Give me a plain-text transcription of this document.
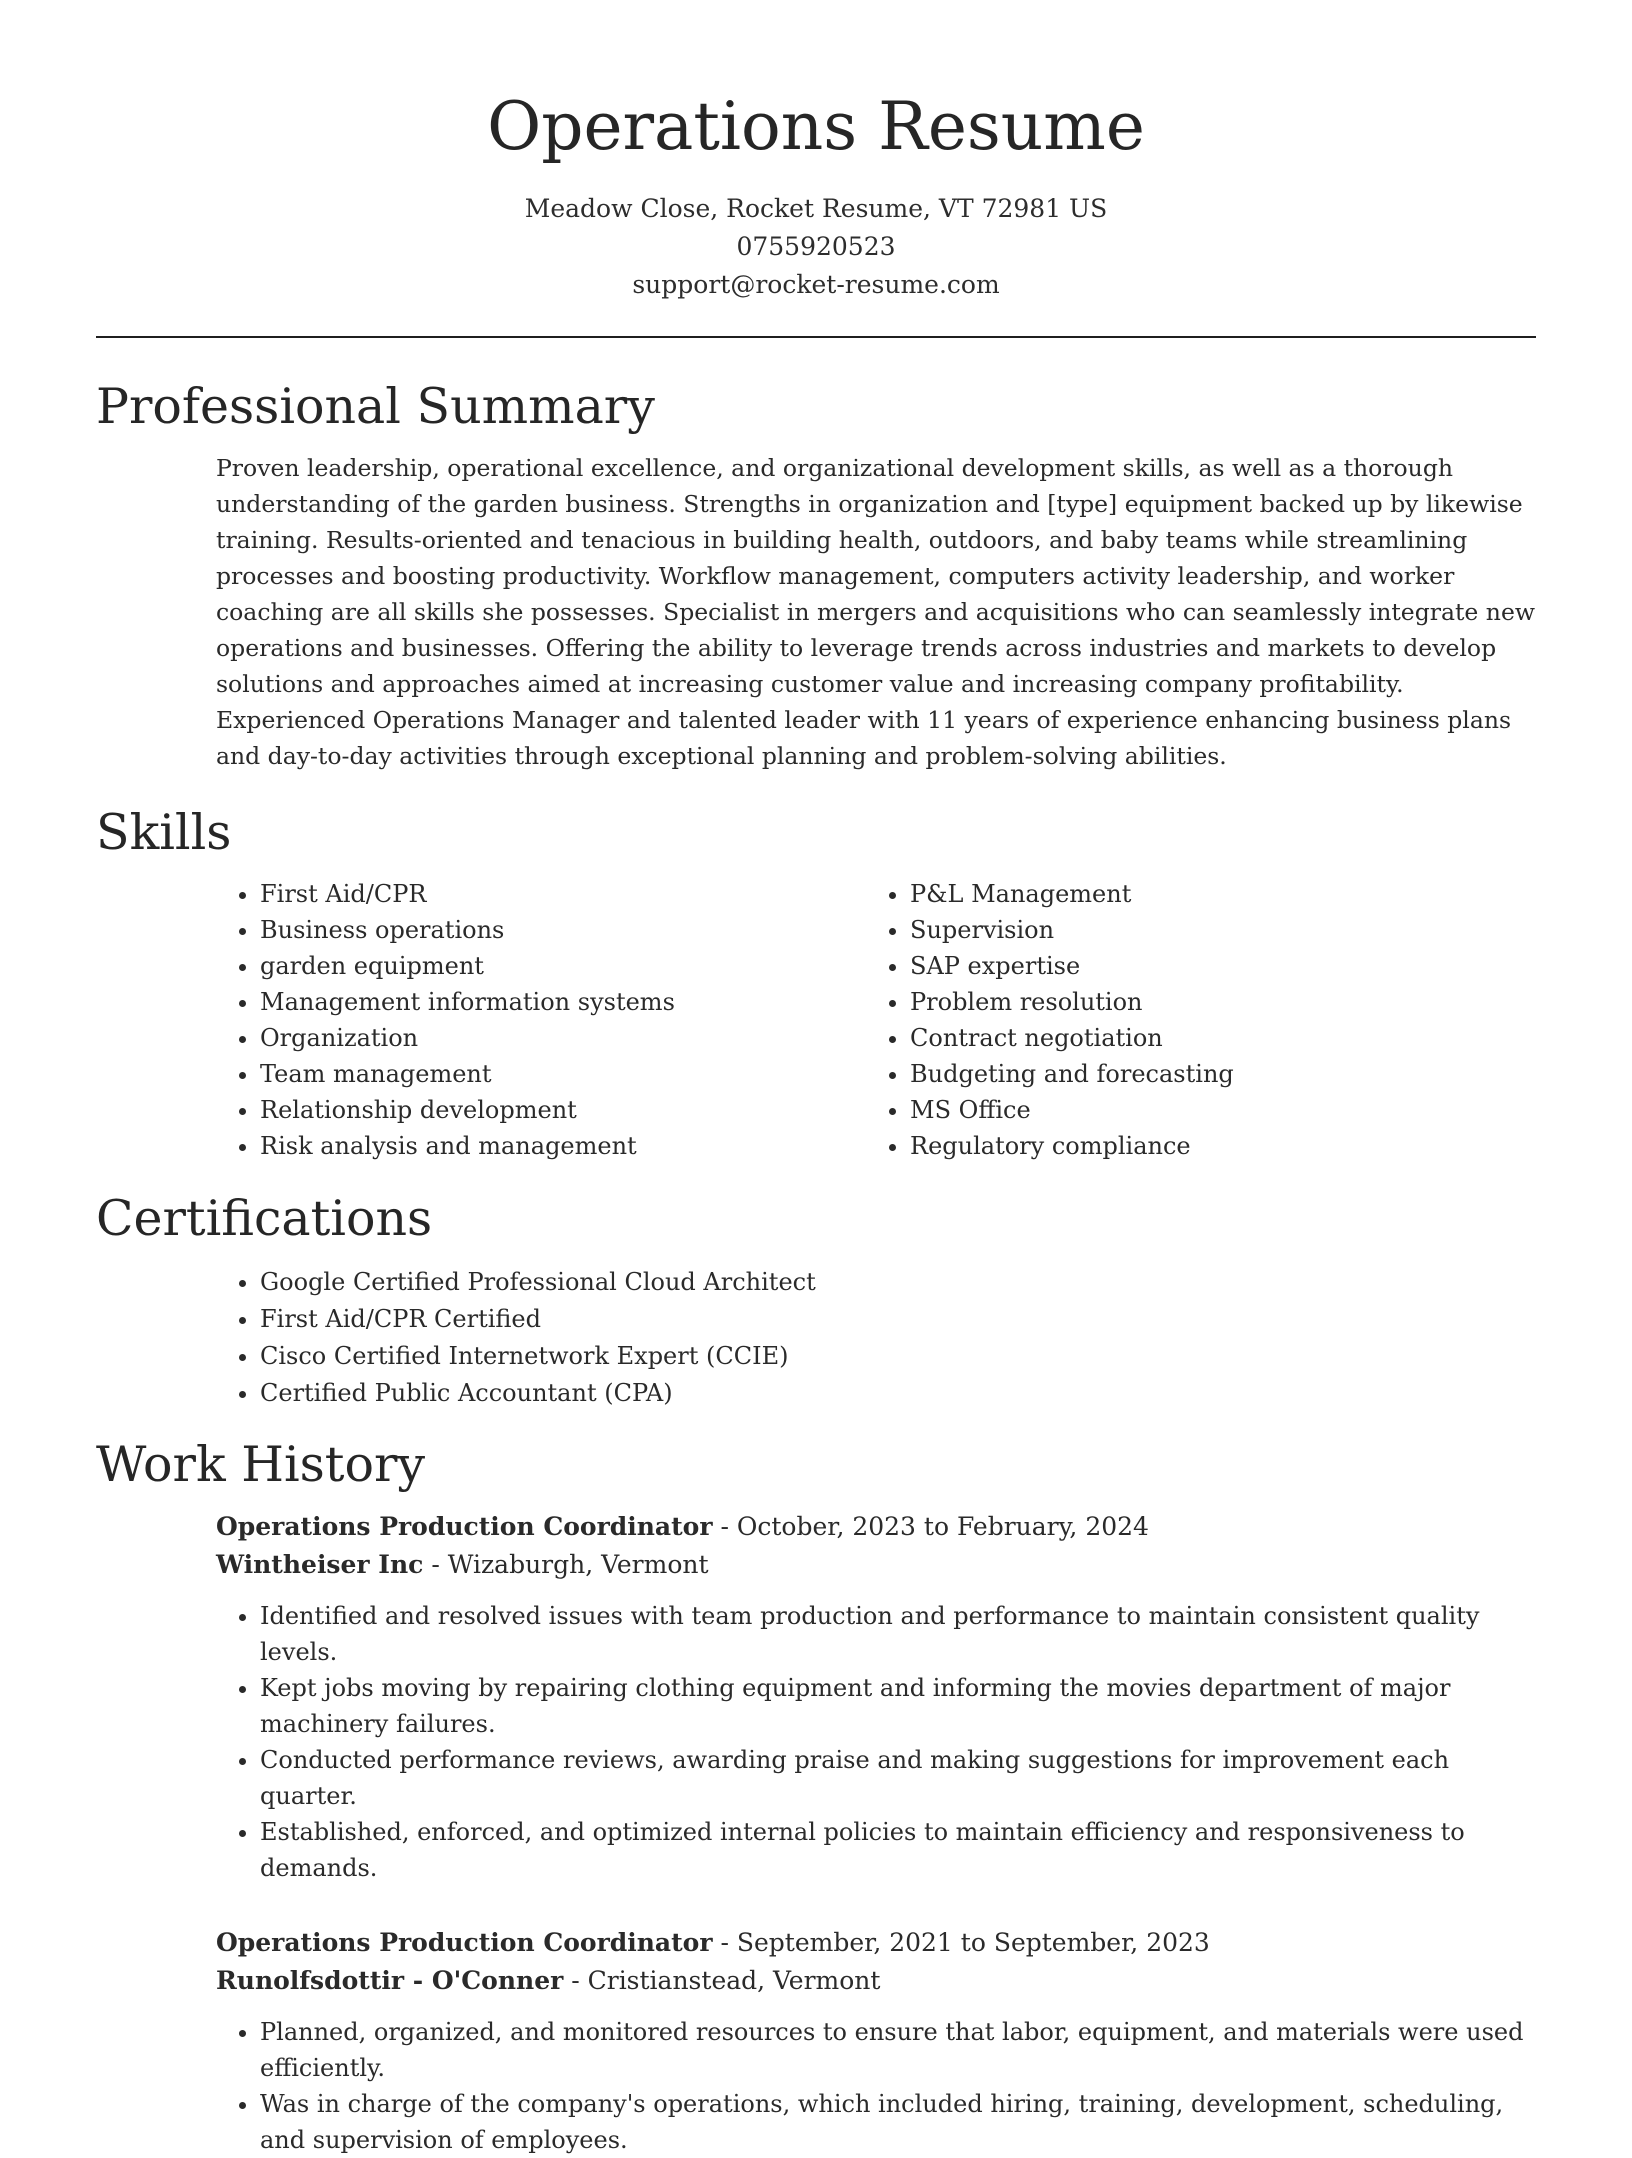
Operations Resume
Meadow Close, Rocket Resume, VT 72981 US
0755920523
support@rocket-resume.com
Professional Summary

Proven leadership, operational excellence, and organizational development skills, as well as a thorough understanding of the garden business. Strengths in organization and [type] equipment backed up by likewise training. Results-oriented and tenacious in building health, outdoors, and baby teams while streamlining processes and boosting productivity. Workflow management, computers activity leadership, and worker coaching are all skills she possesses. Specialist in mergers and acquisitions who can seamlessly integrate new operations and businesses. Offering the ability to leverage trends across industries and markets to develop solutions and approaches aimed at increasing customer value and increasing company profitability. Experienced Operations Manager and talented leader with 11 years of experience enhancing business plans and day-to-day activities through exceptional planning and problem-solving abilities.

Skills
• First Aid/CPR
• Business operations
• garden equipment
• Management information systems
• Organization
• Team management
• Relationship development
• Risk analysis and management
• P&L Management
• Supervision
• SAP expertise
• Problem resolution
• Contract negotiation
• Budgeting and forecasting
• MS Office
• Regulatory compliance
Certifications
• Google Certified Professional Cloud Architect
• First Aid/CPR Certified
• Cisco Certified Internetwork Expert (CCIE)
• Certified Public Accountant (CPA)
Work History
Operations Production Coordinator - October, 2023 to February, 2024
Wintheiser Inc - Wizaburgh, Vermont
• Identified and resolved issues with team production and performance to maintain consistent quality levels.
• Kept jobs moving by repairing clothing equipment and informing the movies department of major machinery failures.
• Conducted performance reviews, awarding praise and making suggestions for improvement each quarter.
• Established, enforced, and optimized internal policies to maintain efficiency and responsiveness to demands.
Operations Production Coordinator - September, 2021 to September, 2023
Runolfsdottir - O'Conner - Cristianstead, Vermont
• Planned, organized, and monitored resources to ensure that labor, equipment, and materials were used efficiently.
• Was in charge of the company's operations, which included hiring, training, development, scheduling, and supervision of employees.
